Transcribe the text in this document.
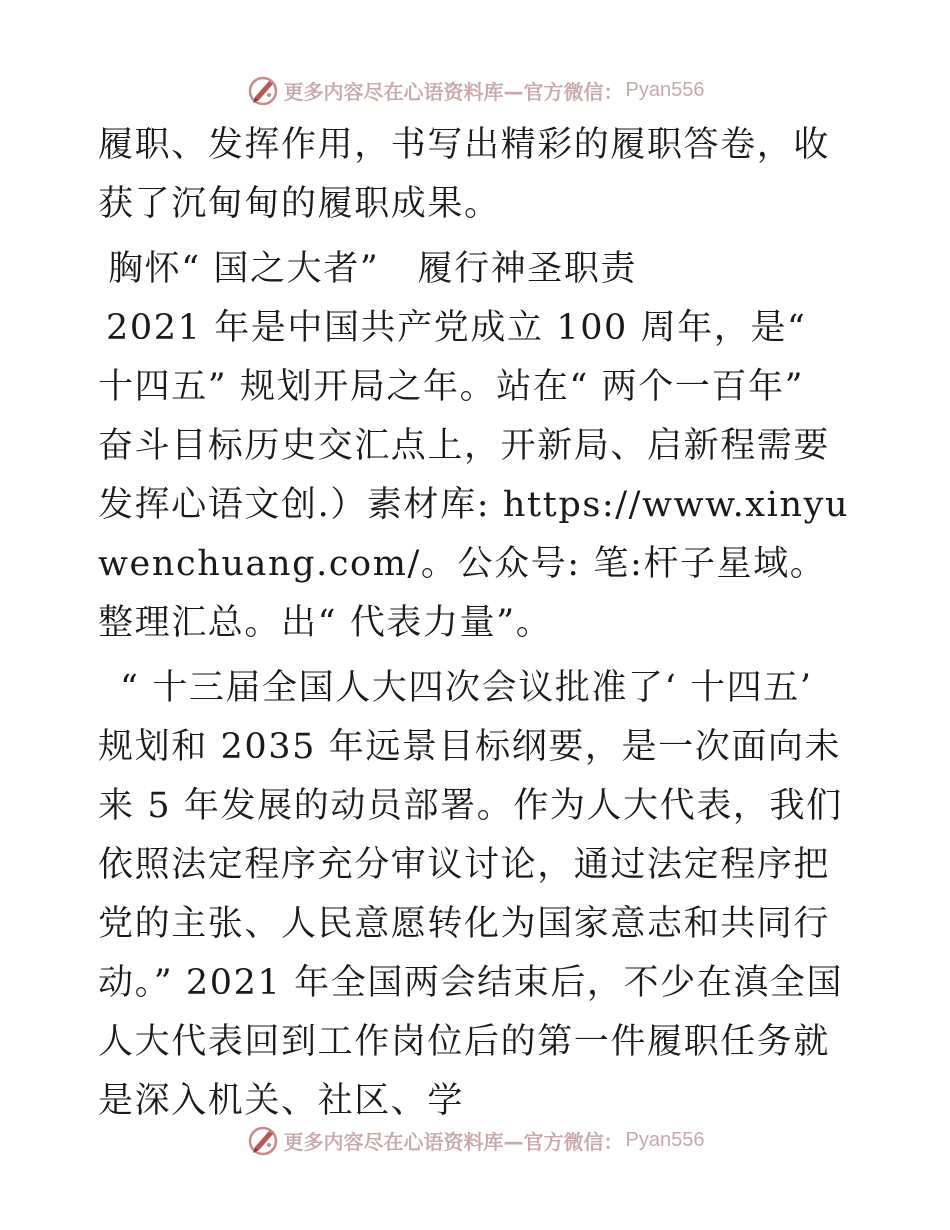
更多内容尽在心语资料库 —官方微信： Pyan556

履职、发挥作用，书写出精彩的履职答卷，收获了沉甸甸的履职成果。

胸怀“ 国之大者”   履行神圣职责

2021 年是中国共产党成立 100 周年，是“ 十四五” 规划开局之年。站在“ 两个一百年” 奋斗目标历史交汇点上，开新局、启新程需要发挥心语文创.）素材库: https://www.xinyuwenchuang.com/。公众号: 笔:杆子星域。整理汇总。出“ 代表力量”。

“ 十三届全国人大四次会议批准了‘ 十四五’ 规划和 2035 年远景目标纲要，是一次面向未来 5 年发展的动员部署。作为人大代表，我们依照法定程序充分审议讨论，通过法定程序把党的主张、人民意愿转化为国家意志和共同行动。” 2021 年全国两会结束后，不少在滇全国人大代表回到工作岗位后的第一件履职任务就是深入机关、社区、学

更多内容尽在心语资料库 —官方微信： Pyan556
